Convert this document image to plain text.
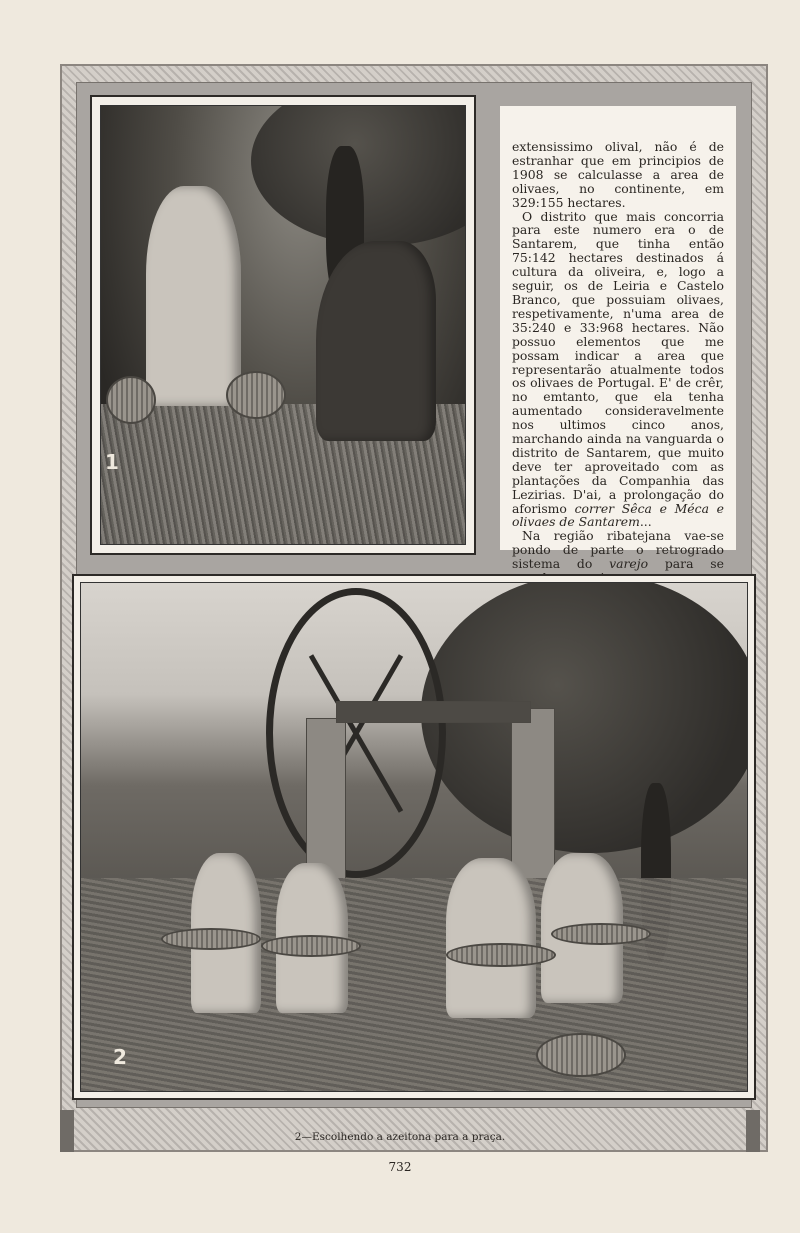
1

extensissimo olival, não é de estranhar que em principios de 1908 se calculasse a area de olivaes, no continente, em 329:155 hectares.

O distrito que mais concorria para este numero era o de Santarem, que tinha então 75:142 hectares destinados á cultura da oliveira, e, logo a seguir, os de Leiria e Castelo Branco, que possuiam olivaes, respetivamente, n'uma area de 35:240 e 33:968 hectares. Não possuo elementos que me possam indicar a area que representarão atualmente todos os olivaes de Portugal. E' de crêr, no emtanto, que ela tenha aumentado consideravelmente nos ultimos cinco anos, marchando ainda na vanguarda o distrito de Santarem, que muito deve ter aproveitado com as plantações da Companhia das Lezirias. D'ai, a prolongação do aforismo correr Sêca e Méca e olivaes de Santarem...

Na região ribatejana vae-se pondo de parte o retrogrado sistema do varejo para se

2
2—Escolhendo a azeitona para a praça.
732
